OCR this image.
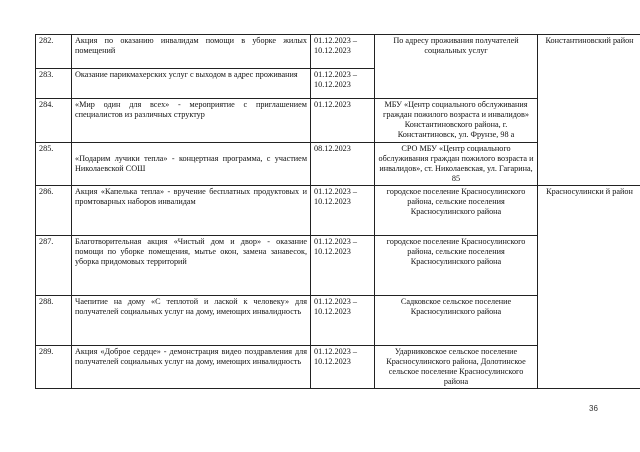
282.	Акция по оказанию инвалидам помощи в уборке жилых помещений	01.12.2023 – 10.12.2023	По адресу проживания получателей социальных услуг	Константиновский район
283.	Оказание парикмахерских услуг с выходом в адрес проживания	01.12.2023 – 10.12.2023		
284.	«Мир один для всех» - мероприятие с приглашением специалистов из различных структур	01.12.2023	МБУ «Центр социального обслуживания граждан пожилого возраста и инвалидов» Константиновского района, г. Константиновск, ул. Фрунзе, 98 а	
285.	«Подарим лучики тепла» - концертная программа, с участием Николаевской СОШ	08.12.2023	СРО МБУ «Центр социального обслуживания граждан пожилого возраста и инвалидов», ст. Николаевская, ул. Гагарина, 85	
286.	Акция «Капелька тепла» - вручение бесплатных продуктовых и промтоварных наборов инвалидам	01.12.2023 – 10.12.2023	городское поселение Красносулинского района, сельские поселения Красносулинского района	Красносулински й район
287.	Благотворительная акция «Чистый дом и двор» - оказание помощи по уборке помещения, мытье окон, замена занавесок, уборка придомовых территорий	01.12.2023 – 10.12.2023	городское поселение Красносулинского района, сельские поселения Красносулинского района	
288.	Чаепитие на дому «С теплотой и лаской к человеку» для получателей социальных услуг на дому, имеющих инвалидность	01.12.2023 – 10.12.2023	Садковское сельское поселение Красносулинского района	
289.	Акция «Доброе сердце» - демонстрация видео поздравления для получателей социальных услуг на дому, имеющих инвалидность	01.12.2023 – 10.12.2023	Ударниковское сельское поселение Красносулинского района, Долотинское сельское поселение Красносулинского района	
36
